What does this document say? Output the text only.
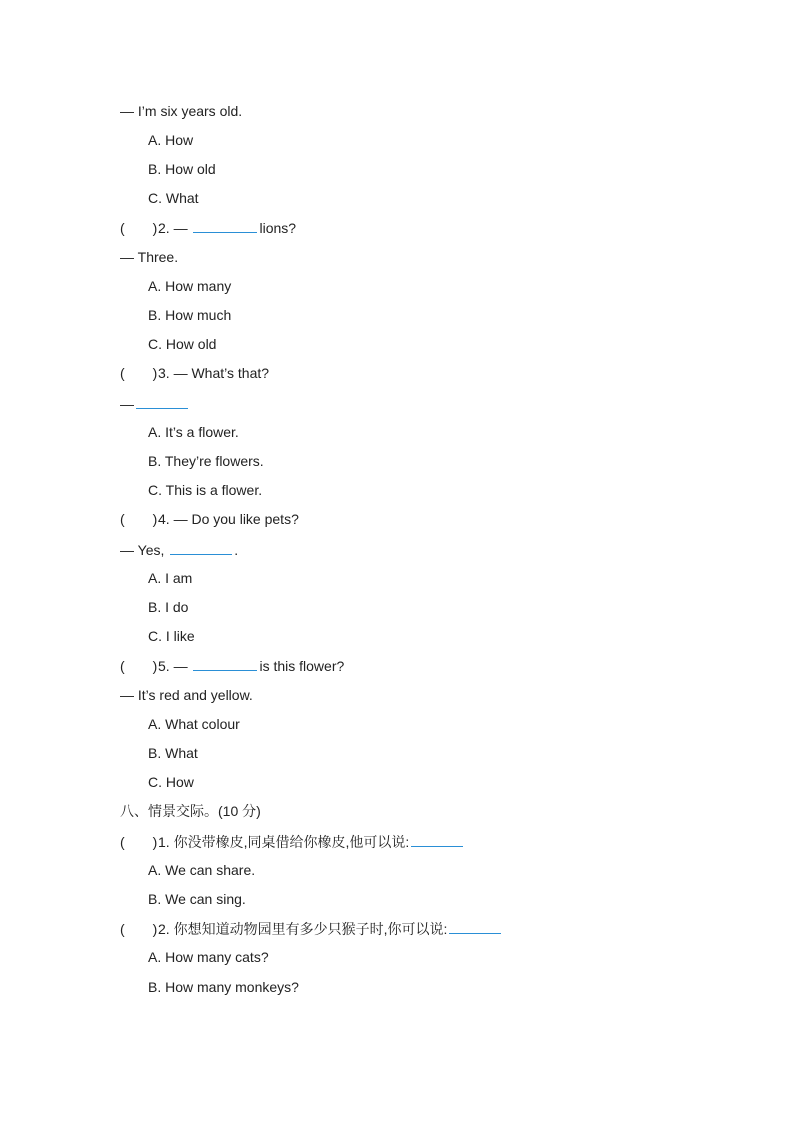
— I’m six years old.
A. How
B. How old
C. What
( )2. —	lions?
— Three.
A. How many
B. How much
C. How old
( )3. — What’s that?
—
A. It’s a flower.
B. They’re flowers.
C. This is a flower.
( )4. — Do you like pets?
— Yes,	.
A. I am
B. I do
C. I like
( )5. —	is this flower?
— It’s red and yellow.
A. What colour
B. What
C. How
八、情景交际。(10 分)
( )1. 你没带橡皮,同桌借给你橡皮,他可以说:
A. We can share.
B. We can sing.
( )2. 你想知道动物园里有多少只猴子时,你可以说:
A. How many cats?
B. How many monkeys?
